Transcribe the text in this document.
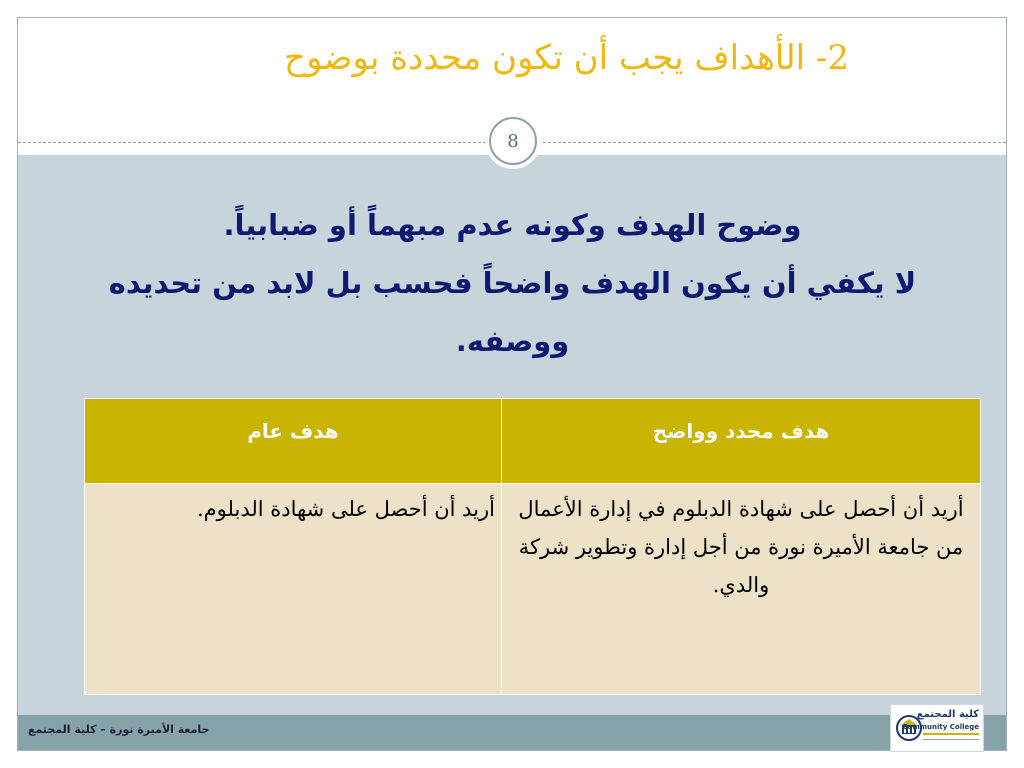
2- الأهداف يجب أن تكون محددة بوضوح
8
وضوح الهدف وكونه عدم مبهماً أو ضبابياً.
لا يكفي أن يكون الهدف واضحاً فحسب بل لابد من تحديده
ووصفه.
هدف محدد وواضح	هدف عام

أريد أن أحصل على شهادة الدبلوم في إدارة الأعمال من جامعة الأميرة نورة من أجل إدارة وتطوير شركة والدي.	أريد أن أحصل على شهادة الدبلوم.
جامعة الأميرة نورة – كلية المجتمع
كلية المجتمع
Community College
